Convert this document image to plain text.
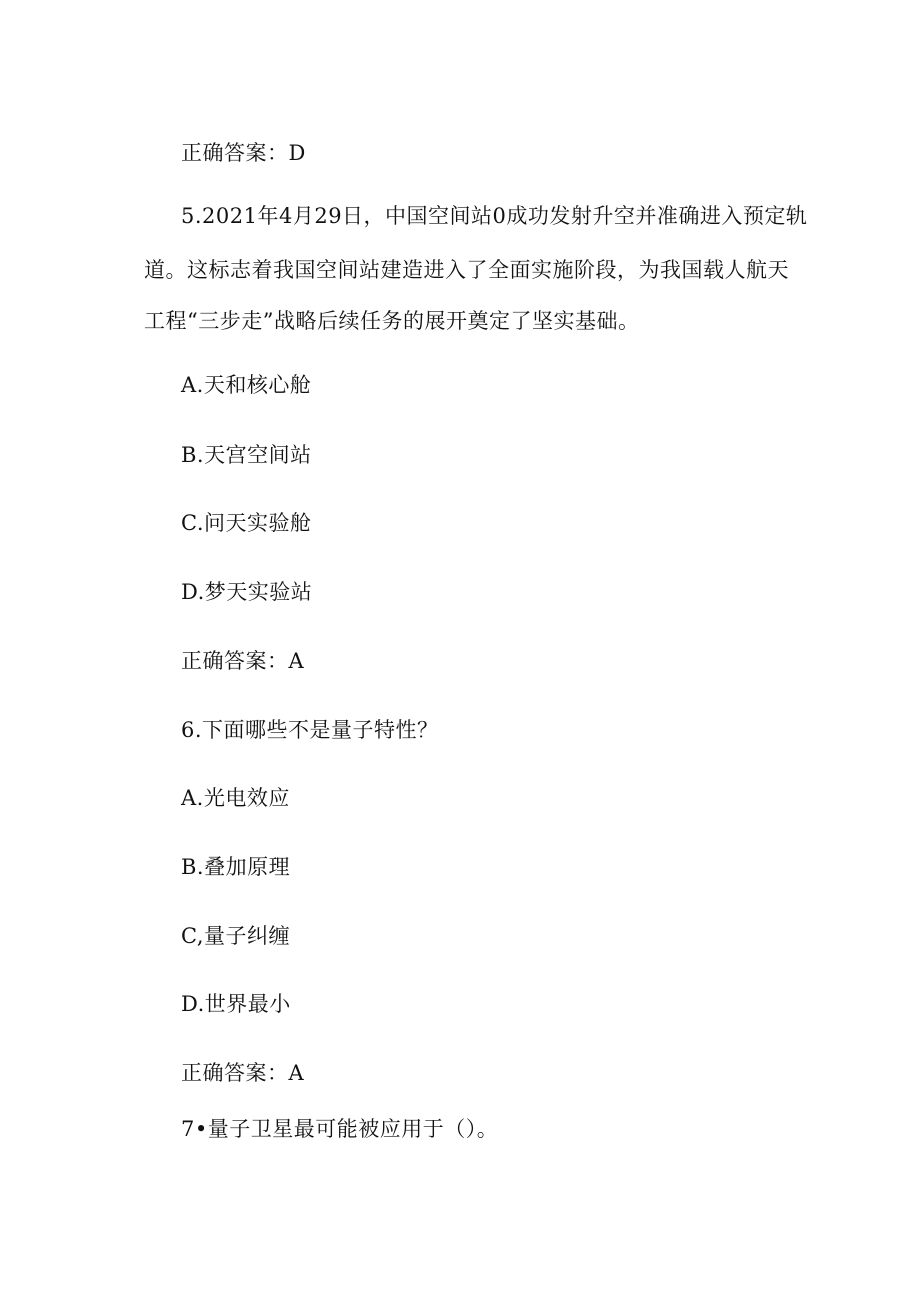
正确答案：D
5.2021年4月29日，中国空间站0成功发射升空并准确进入预定轨
道。这标志着我国空间站建造进入了全面实施阶段，为我国载人航天
工程“三步走”战略后续任务的展开奠定了坚实基础。
A.天和核心舱
B.天宫空间站
C.问天实验舱
D.梦天实验站
正确答案：A
6.下面哪些不是量子特性？
A.光电效应
B.叠加原理
C,量子纠缠
D.世界最小
正确答案：A
7•量子卫星最可能被应用于（）。
